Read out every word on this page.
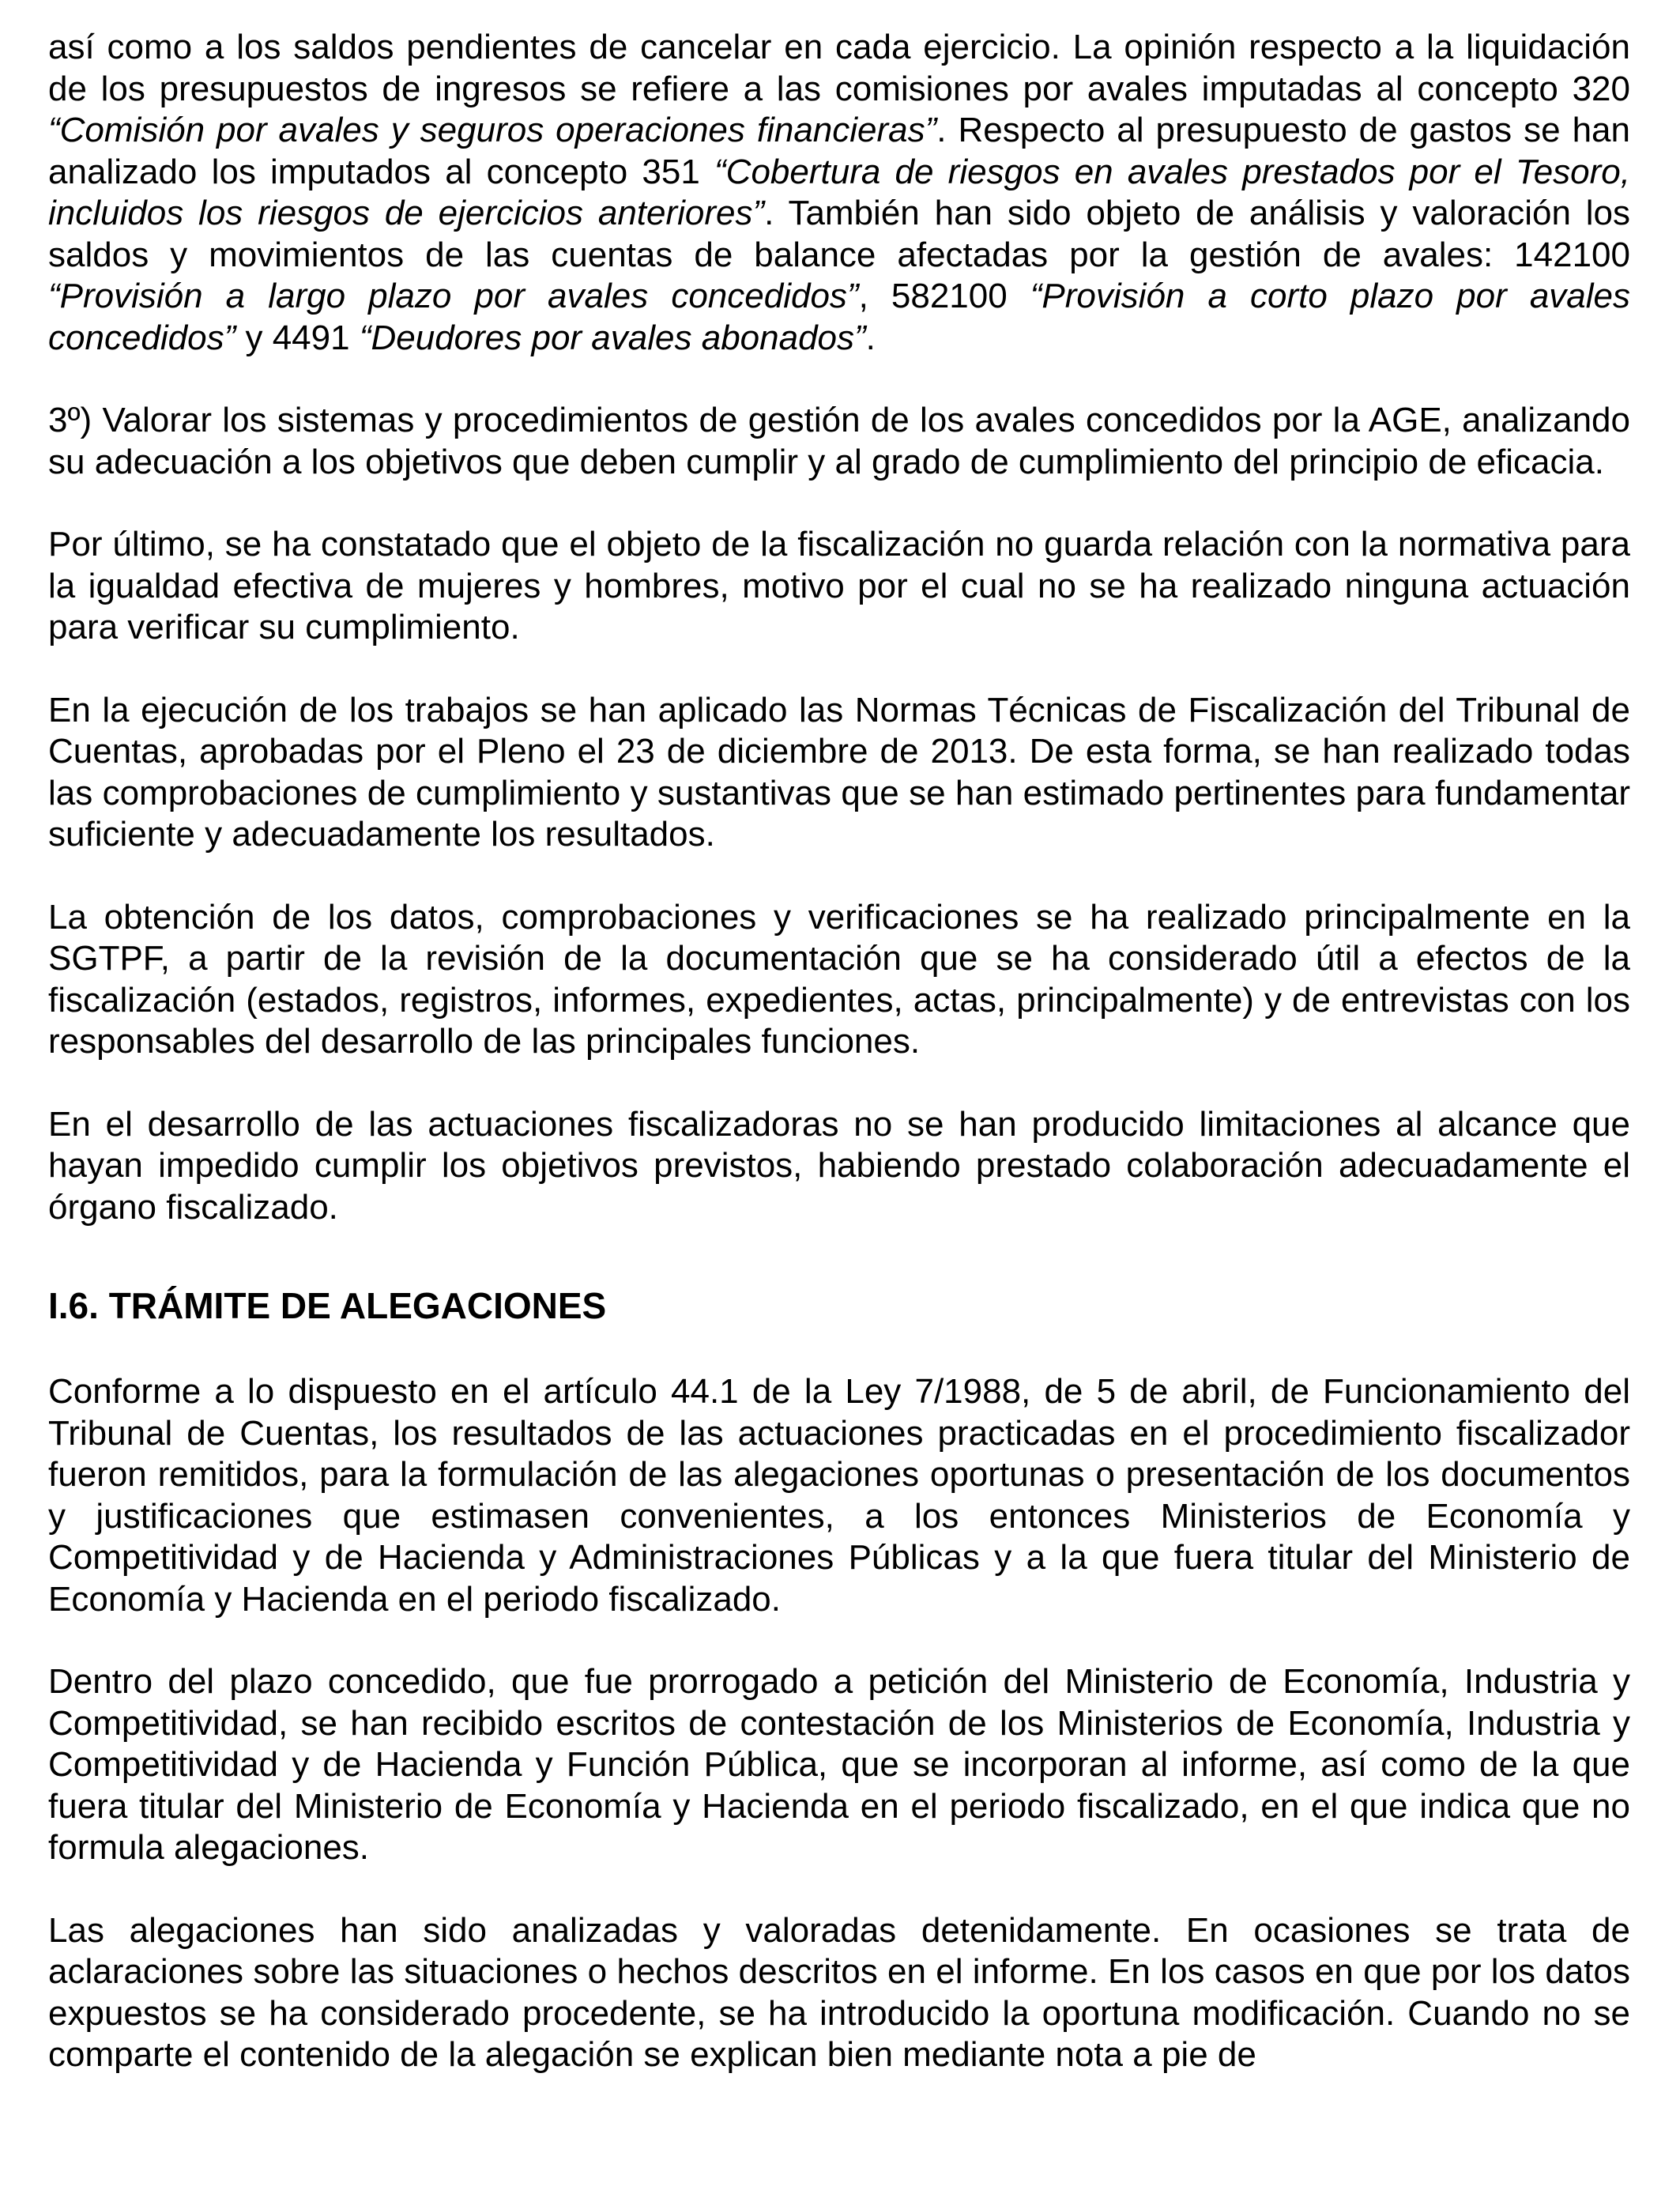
así como a los saldos pendientes de cancelar en cada ejercicio. La opinión respecto a la liquidación de los presupuestos de ingresos se refiere a las comisiones por avales imputadas al concepto 320 “Comisión por avales y seguros operaciones financieras”. Respecto al presupuesto de gastos se han analizado los imputados al concepto 351 “Cobertura de riesgos en avales prestados por el Tesoro, incluidos los riesgos de ejercicios anteriores”. También han sido objeto de análisis y valoración los saldos y movimientos de las cuentas de balance afectadas por la gestión de avales: 142100 “Provisión a largo plazo por avales concedidos”, 582100 “Provisión a corto plazo por avales concedidos” y 4491 “Deudores por avales abonados”.

3º) Valorar los sistemas y procedimientos de gestión de los avales concedidos por la AGE, analizando su adecuación a los objetivos que deben cumplir y al grado de cumplimiento del principio de eficacia.

Por último, se ha constatado que el objeto de la fiscalización no guarda relación con la normativa para la igualdad efectiva de mujeres y hombres, motivo por el cual no se ha realizado ninguna actuación para verificar su cumplimiento.

En la ejecución de los trabajos se han aplicado las Normas Técnicas de Fiscalización del Tribunal de Cuentas, aprobadas por el Pleno el 23 de diciembre de 2013. De esta forma, se han realizado todas las comprobaciones de cumplimiento y sustantivas que se han estimado pertinentes para fundamentar suficiente y adecuadamente los resultados.

La obtención de los datos, comprobaciones y verificaciones se ha realizado principalmente en la SGTPF, a partir de la revisión de la documentación que se ha considerado útil a efectos de la fiscalización (estados, registros, informes, expedientes, actas, principalmente) y de entrevistas con los responsables del desarrollo de las principales funciones.

En el desarrollo de las actuaciones fiscalizadoras no se han producido limitaciones al alcance que hayan impedido cumplir los objetivos previstos, habiendo prestado colaboración adecuadamente el órgano fiscalizado.

I.6. TRÁMITE DE ALEGACIONES

Conforme a lo dispuesto en el artículo 44.1 de la Ley 7/1988, de 5 de abril, de Funcionamiento del Tribunal de Cuentas, los resultados de las actuaciones practicadas en el procedimiento fiscalizador fueron remitidos, para la formulación de las alegaciones oportunas o presentación de los documentos y justificaciones que estimasen convenientes, a los entonces Ministerios de Economía y Competitividad y de Hacienda y Administraciones Públicas y a la que fuera titular del Ministerio de Economía y Hacienda en el periodo fiscalizado.

Dentro del plazo concedido, que fue prorrogado a petición del Ministerio de Economía, Industria y Competitividad, se han recibido escritos de contestación de los Ministerios de Economía, Industria y Competitividad y de Hacienda y Función Pública, que se incorporan al informe, así como de la que fuera titular del Ministerio de Economía y Hacienda en el periodo fiscalizado, en el que indica que no formula alegaciones.

Las alegaciones han sido analizadas y valoradas detenidamente. En ocasiones se trata de aclaraciones sobre las situaciones o hechos descritos en el informe. En los casos en que por los datos expuestos se ha considerado procedente, se ha introducido la oportuna modificación. Cuando no se comparte el contenido de la alegación se explican bien mediante nota a pie de
